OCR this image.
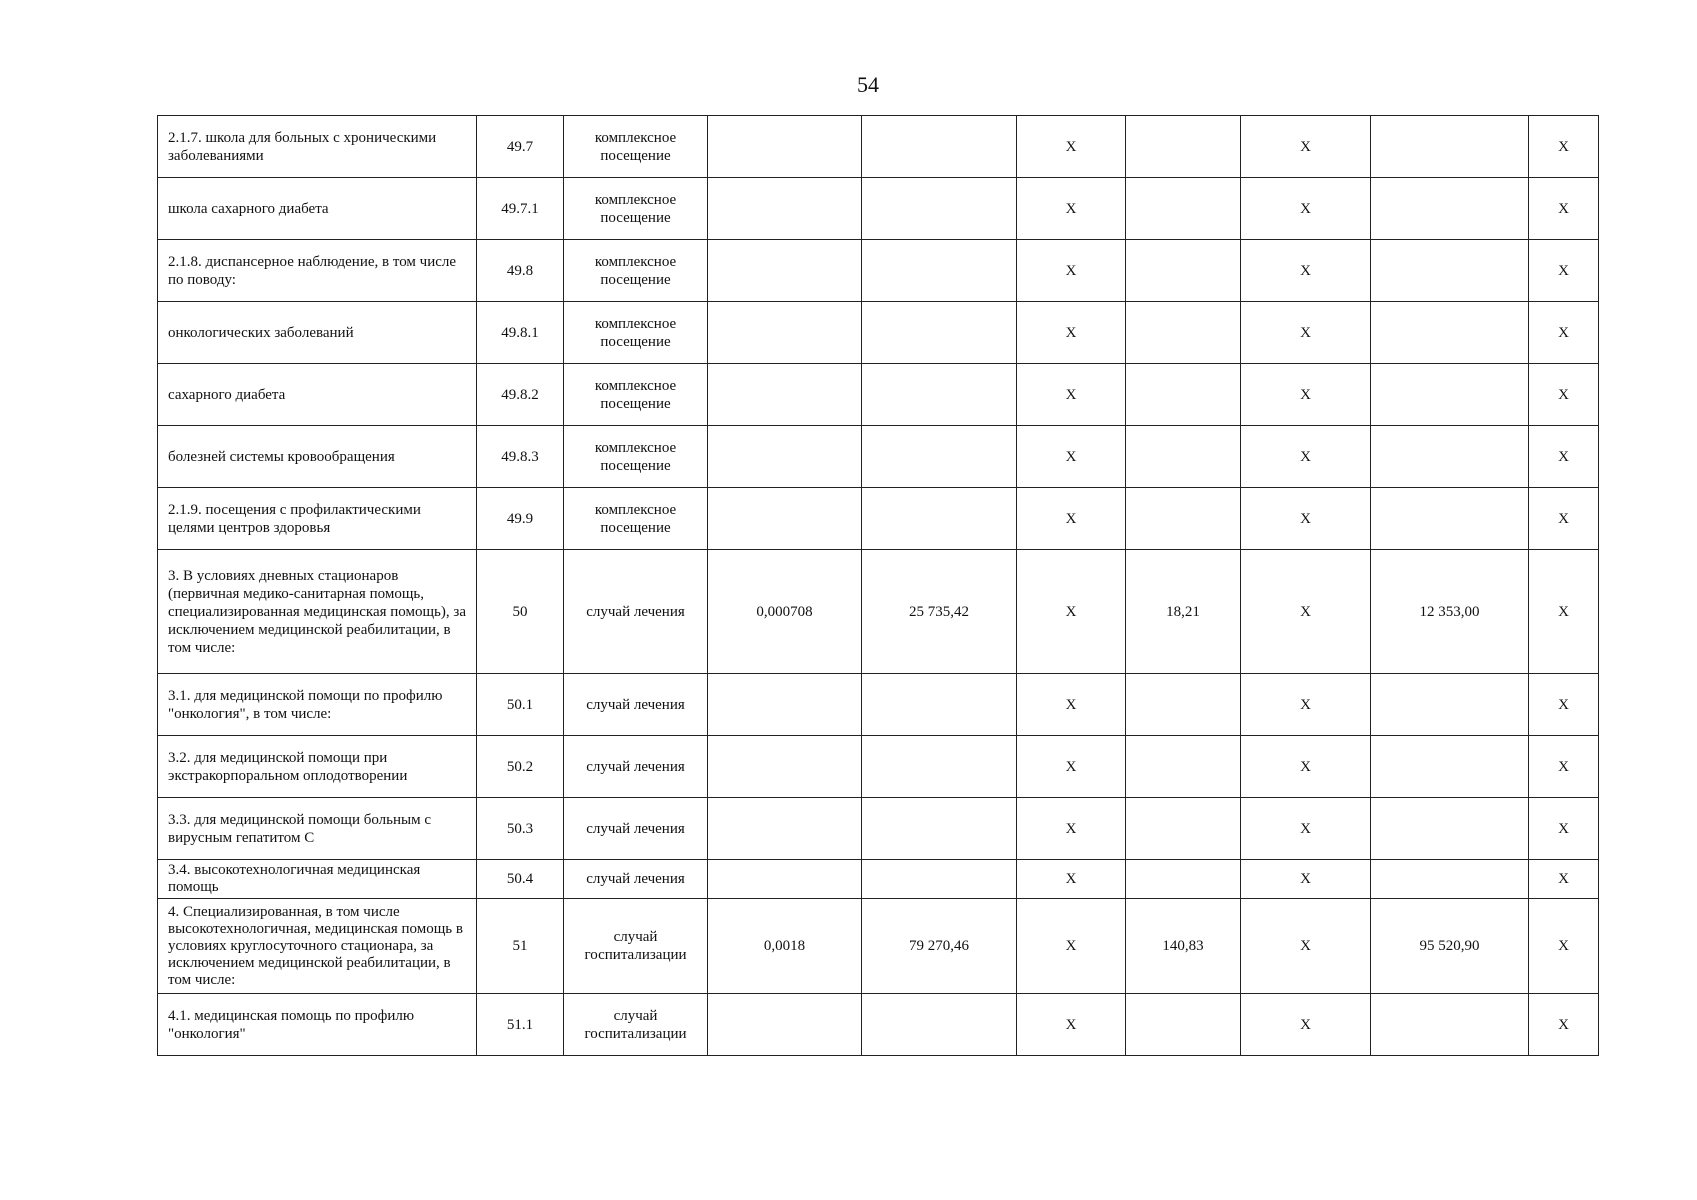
54
2.1.7. школа для больных с хроническими заболеваниями	49.7	комплексное посещение			Х		Х		Х
школа сахарного диабета	49.7.1	комплексное посещение			Х		Х		Х
2.1.8. диспансерное наблюдение, в том числе по поводу:	49.8	комплексное посещение			Х		Х		Х
онкологических заболеваний	49.8.1	комплексное посещение			Х		Х		Х
сахарного диабета	49.8.2	комплексное посещение			Х		Х		Х
болезней системы кровообращения	49.8.3	комплексное посещение			Х		Х		Х
2.1.9. посещения с профилактическими целями центров здоровья	49.9	комплексное посещение			Х		Х		Х
3. В условиях дневных стационаров (первичная медико-санитарная помощь, специализированная медицинская помощь), за исключением медицинской реабилитации, в том числе:	50	случай лечения	0,000708	25 735,42	Х	18,21	Х	12 353,00	Х
3.1. для медицинской помощи по профилю "онкология", в том числе:	50.1	случай лечения			Х		Х		Х
3.2. для медицинской помощи при экстракорпоральном оплодотворении	50.2	случай лечения			Х		Х		Х
3.3. для медицинской помощи больным с вирусным гепатитом С	50.3	случай лечения			Х		Х		Х
3.4. высокотехнологичная медицинская помощь	50.4	случай лечения			Х		Х		Х
4. Специализированная, в том числе высокотехнологичная, медицинская помощь в условиях круглосуточного стационара, за исключением медицинской реабилитации, в том числе:	51	случай госпитализации	0,0018	79 270,46	Х	140,83	Х	95 520,90	Х
4.1. медицинская помощь по профилю "онкология"	51.1	случай госпитализации			Х		Х		Х
